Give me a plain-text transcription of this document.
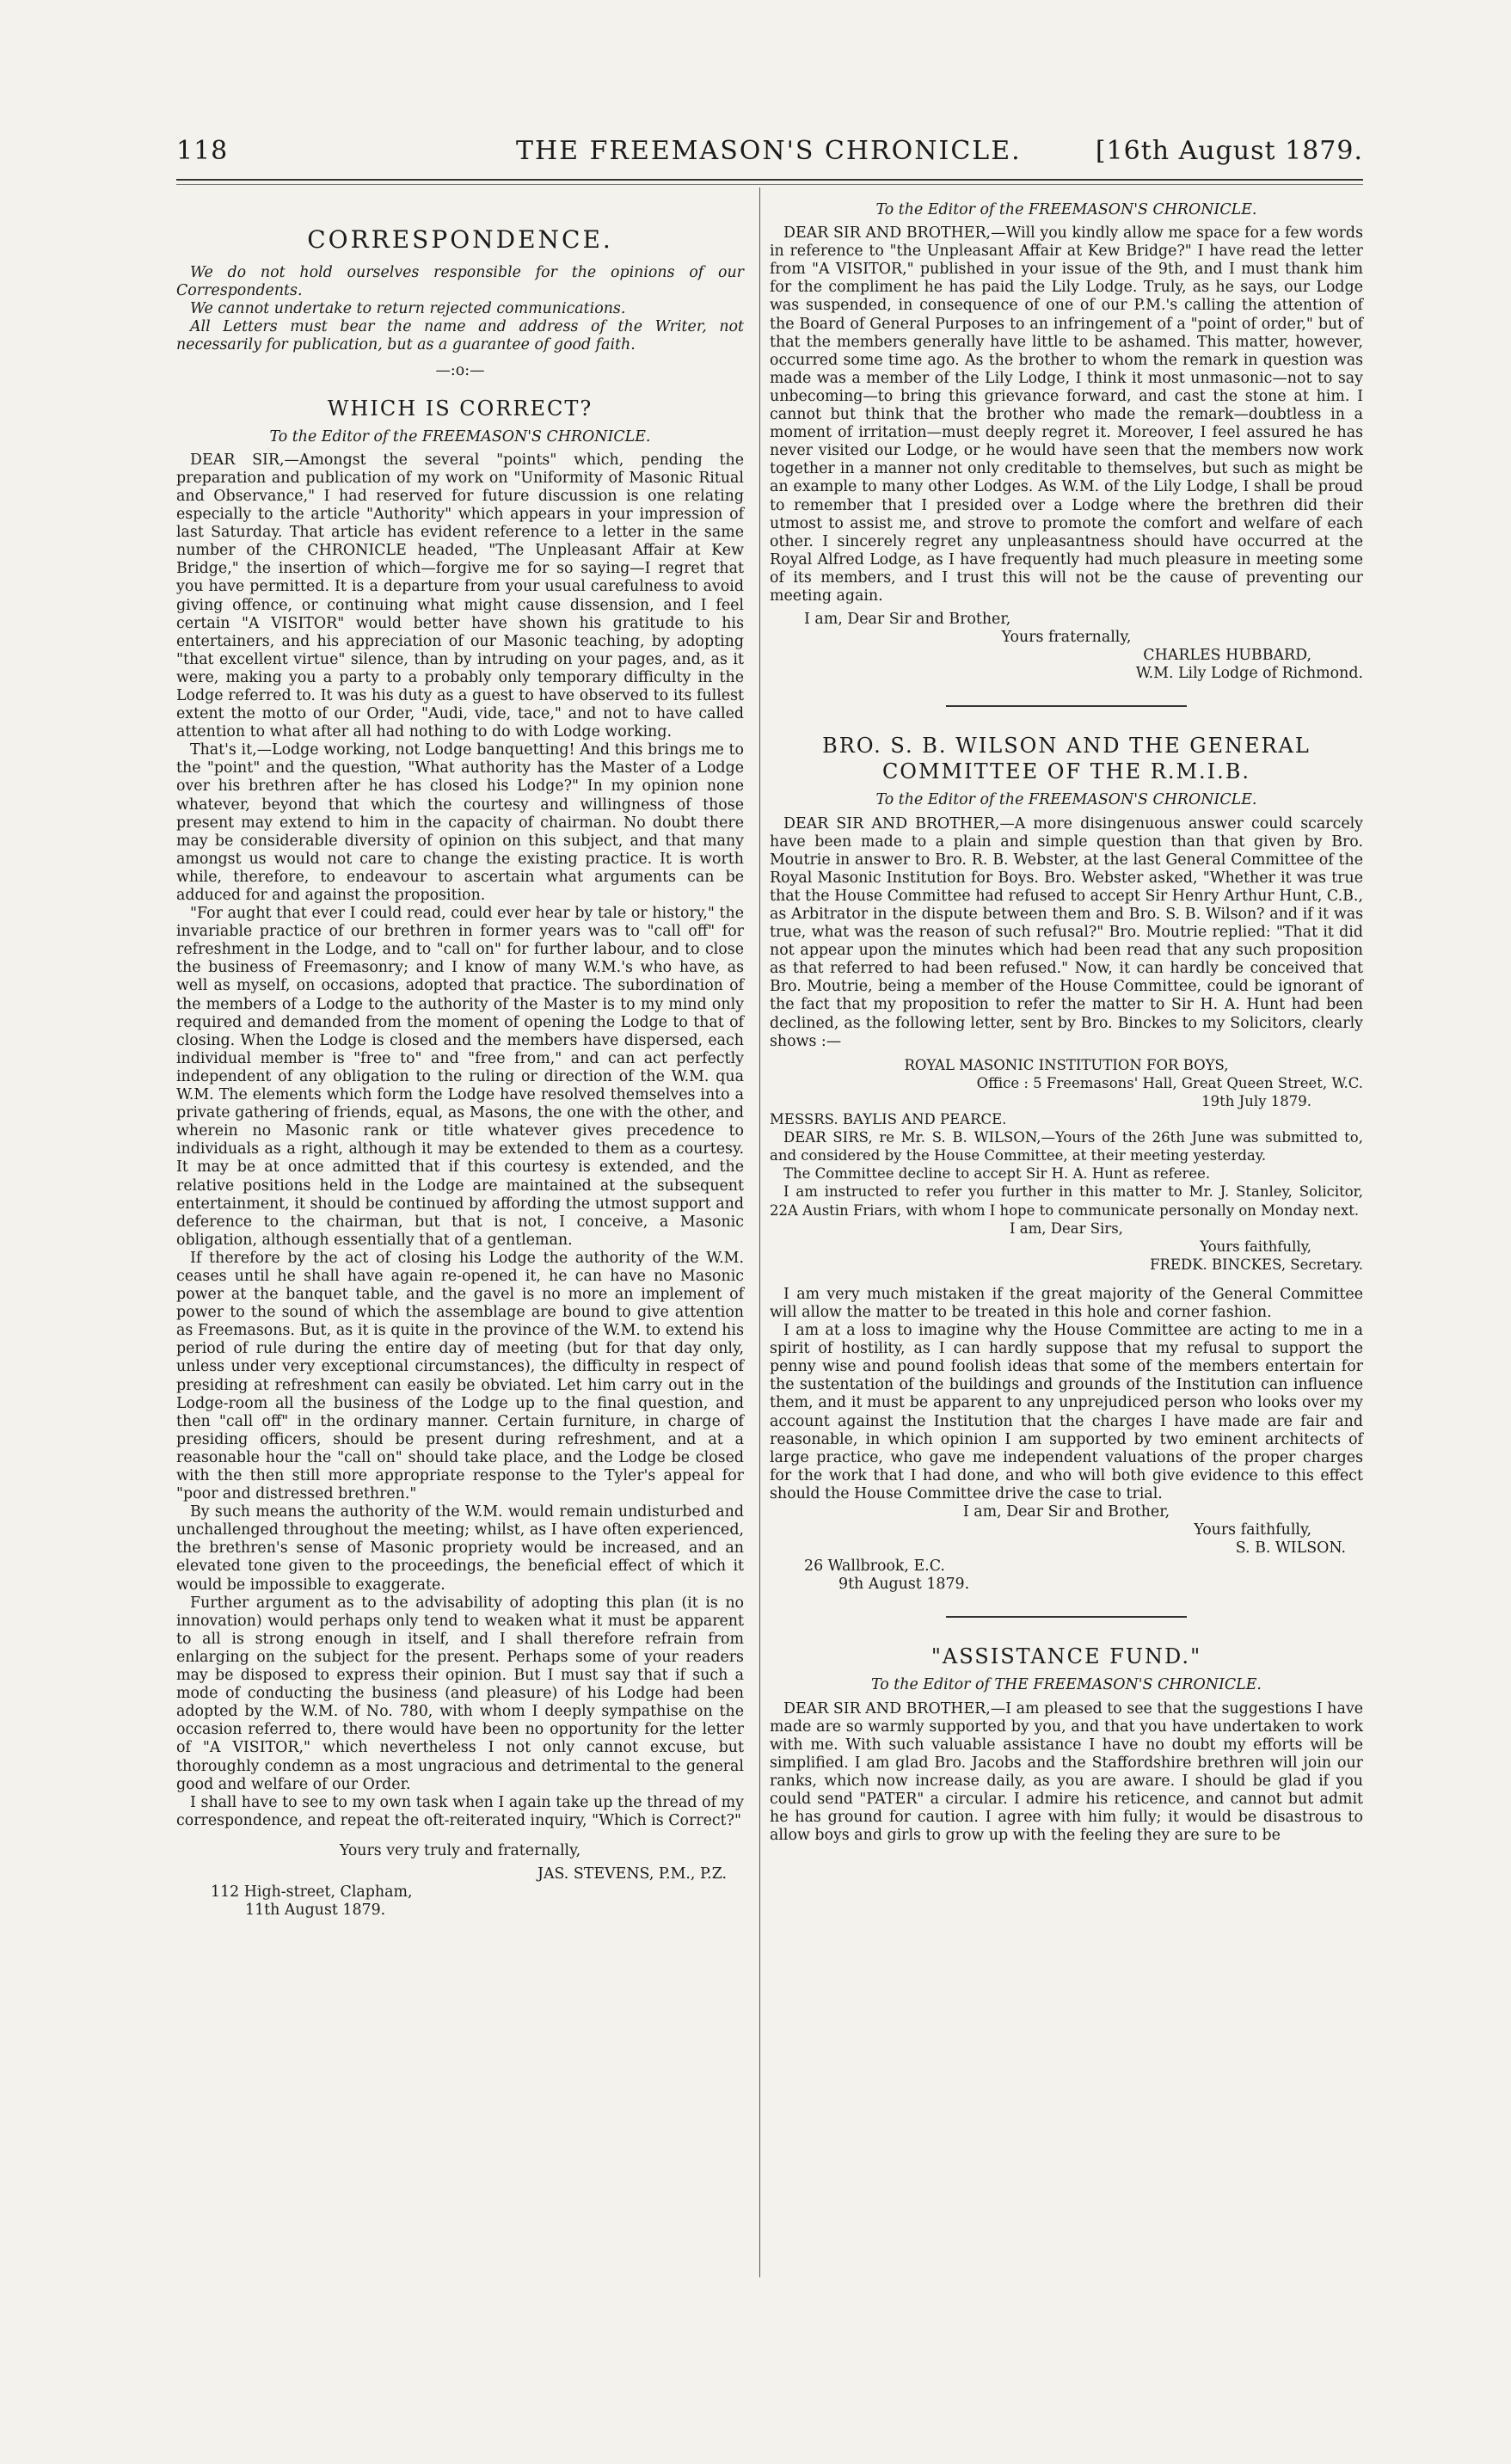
118	THE FREEMASON'S CHRONICLE.	[16th August 1879.
CORRESPONDENCE.

We do not hold ourselves responsible for the opinions of our Correspondents.

We cannot undertake to return rejected communications.

All Letters must bear the name and address of the Writer, not necessarily for publication, but as a guarantee of good faith.

—:o:—
WHICH IS CORRECT?
To the Editor of the FREEMASON'S CHRONICLE.

DEAR SIR,—Amongst the several "points" which, pending the preparation and publication of my work on "Uniformity of Masonic Ritual and Observance," I had reserved for future discussion is one relating especially to the article "Authority" which appears in your impression of last Saturday. That article has evident reference to a letter in the same number of the CHRONICLE headed, "The Unpleasant Affair at Kew Bridge," the insertion of which—forgive me for so saying—I regret that you have permitted. It is a departure from your usual carefulness to avoid giving offence, or continuing what might cause dissension, and I feel certain "A VISITOR" would better have shown his gratitude to his entertainers, and his appreciation of our Masonic teaching, by adopting "that excellent virtue" silence, than by intruding on your pages, and, as it were, making you a party to a probably only temporary difficulty in the Lodge referred to. It was his duty as a guest to have observed to its fullest extent the motto of our Order, "Audi, vide, tace," and not to have called attention to what after all had nothing to do with Lodge working.

That's it,—Lodge working, not Lodge banquetting! And this brings me to the "point" and the question, "What authority has the Master of a Lodge over his brethren after he has closed his Lodge?" In my opinion none whatever, beyond that which the courtesy and willingness of those present may extend to him in the capacity of chairman. No doubt there may be considerable diversity of opinion on this subject, and that many amongst us would not care to change the existing practice. It is worth while, therefore, to endeavour to ascertain what arguments can be adduced for and against the proposition.

"For aught that ever I could read, could ever hear by tale or history," the invariable practice of our brethren in former years was to "call off" for refreshment in the Lodge, and to "call on" for further labour, and to close the business of Freemasonry; and I know of many W.M.'s who have, as well as myself, on occasions, adopted that practice. The subordination of the members of a Lodge to the authority of the Master is to my mind only required and demanded from the moment of opening the Lodge to that of closing. When the Lodge is closed and the members have dispersed, each individual member is "free to" and "free from," and can act perfectly independent of any obligation to the ruling or direction of the W.M. qua W.M. The elements which form the Lodge have resolved themselves into a private gathering of friends, equal, as Masons, the one with the other, and wherein no Masonic rank or title whatever gives precedence to individuals as a right, although it may be extended to them as a courtesy. It may be at once admitted that if this courtesy is extended, and the relative positions held in the Lodge are maintained at the subsequent entertainment, it should be continued by affording the utmost support and deference to the chairman, but that is not, I conceive, a Masonic obligation, although essentially that of a gentleman.

If therefore by the act of closing his Lodge the authority of the W.M. ceases until he shall have again re-opened it, he can have no Masonic power at the banquet table, and the gavel is no more an implement of power to the sound of which the assemblage are bound to give attention as Freemasons. But, as it is quite in the province of the W.M. to extend his period of rule during the entire day of meeting (but for that day only, unless under very exceptional circumstances), the difficulty in respect of presiding at refreshment can easily be obviated. Let him carry out in the Lodge-room all the business of the Lodge up to the final question, and then "call off" in the ordinary manner. Certain furniture, in charge of presiding officers, should be present during refreshment, and at a reasonable hour the "call on" should take place, and the Lodge be closed with the then still more appropriate response to the Tyler's appeal for "poor and distressed brethren."

By such means the authority of the W.M. would remain undisturbed and unchallenged throughout the meeting; whilst, as I have often experienced, the brethren's sense of Masonic propriety would be increased, and an elevated tone given to the proceedings, the beneficial effect of which it would be impossible to exaggerate.

Further argument as to the advisability of adopting this plan (it is no innovation) would perhaps only tend to weaken what it must be apparent to all is strong enough in itself, and I shall therefore refrain from enlarging on the subject for the present. Perhaps some of your readers may be disposed to express their opinion. But I must say that if such a mode of conducting the business (and pleasure) of his Lodge had been adopted by the W.M. of No. 780, with whom I deeply sympathise on the occasion referred to, there would have been no opportunity for the letter of "A VISITOR," which nevertheless I not only cannot excuse, but thoroughly condemn as a most ungracious and detrimental to the general good and welfare of our Order.

I shall have to see to my own task when I again take up the thread of my correspondence, and repeat the oft-reiterated inquiry, "Which is Correct?"

Yours very truly and fraternally,

JAS. STEVENS, P.M., P.Z.

112 High-street, Clapham,

11th August 1879.

To the Editor of the FREEMASON'S CHRONICLE.

DEAR SIR AND BROTHER,—Will you kindly allow me space for a few words in reference to "the Unpleasant Affair at Kew Bridge?" I have read the letter from "A VISITOR," published in your issue of the 9th, and I must thank him for the compliment he has paid the Lily Lodge. Truly, as he says, our Lodge was suspended, in consequence of one of our P.M.'s calling the attention of the Board of General Purposes to an infringement of a "point of order," but of that the members generally have little to be ashamed. This matter, however, occurred some time ago. As the brother to whom the remark in question was made was a member of the Lily Lodge, I think it most unmasonic—not to say unbecoming—to bring this grievance forward, and cast the stone at him. I cannot but think that the brother who made the remark—doubtless in a moment of irritation—must deeply regret it. Moreover, I feel assured he has never visited our Lodge, or he would have seen that the members now work together in a manner not only creditable to themselves, but such as might be an example to many other Lodges. As W.M. of the Lily Lodge, I shall be proud to remember that I presided over a Lodge where the brethren did their utmost to assist me, and strove to promote the comfort and welfare of each other. I sincerely regret any unpleasantness should have occurred at the Royal Alfred Lodge, as I have frequently had much pleasure in meeting some of its members, and I trust this will not be the cause of preventing our meeting again.

I am, Dear Sir and Brother,

Yours fraternally,

CHARLES HUBBARD,

W.M. Lily Lodge of Richmond.

BRO. S. B. WILSON AND THE GENERAL COMMITTEE OF THE R.M.I.B.
To the Editor of the FREEMASON'S CHRONICLE.

DEAR SIR AND BROTHER,—A more disingenuous answer could scarcely have been made to a plain and simple question than that given by Bro. Moutrie in answer to Bro. R. B. Webster, at the last General Committee of the Royal Masonic Institution for Boys. Bro. Webster asked, "Whether it was true that the House Committee had refused to accept Sir Henry Arthur Hunt, C.B., as Arbitrator in the dispute between them and Bro. S. B. Wilson? and if it was true, what was the reason of such refusal?" Bro. Moutrie replied: "That it did not appear upon the minutes which had been read that any such proposition as that referred to had been refused." Now, it can hardly be conceived that Bro. Moutrie, being a member of the House Committee, could be ignorant of the fact that my proposition to refer the matter to Sir H. A. Hunt had been declined, as the following letter, sent by Bro. Binckes to my Solicitors, clearly shows :—

ROYAL MASONIC INSTITUTION FOR BOYS,

Office : 5 Freemasons' Hall, Great Queen Street, W.C.

19th July 1879.

MESSRS. BAYLIS AND PEARCE.

DEAR SIRS, re Mr. S. B. WILSON,—Yours of the 26th June was submitted to, and considered by the House Committee, at their meeting yesterday.

The Committee decline to accept Sir H. A. Hunt as referee.

I am instructed to refer you further in this matter to Mr. J. Stanley, Solicitor, 22A Austin Friars, with whom I hope to communicate personally on Monday next.

I am, Dear Sirs,

Yours faithfully,

FREDK. BINCKES, Secretary.

I am very much mistaken if the great majority of the General Committee will allow the matter to be treated in this hole and corner fashion.

I am at a loss to imagine why the House Committee are acting to me in a spirit of hostility, as I can hardly suppose that my refusal to support the penny wise and pound foolish ideas that some of the members entertain for the sustentation of the buildings and grounds of the Institution can influence them, and it must be apparent to any unprejudiced person who looks over my account against the Institution that the charges I have made are fair and reasonable, in which opinion I am supported by two eminent architects of large practice, who gave me independent valuations of the proper charges for the work that I had done, and who will both give evidence to this effect should the House Committee drive the case to trial.

I am, Dear Sir and Brother,

Yours faithfully,

S. B. WILSON.

26 Wallbrook, E.C.

9th August 1879.

"ASSISTANCE FUND."
To the Editor of THE FREEMASON'S CHRONICLE.

DEAR SIR AND BROTHER,—I am pleased to see that the suggestions I have made are so warmly supported by you, and that you have undertaken to work with me. With such valuable assistance I have no doubt my efforts will be simplified. I am glad Bro. Jacobs and the Staffordshire brethren will join our ranks, which now increase daily, as you are aware. I should be glad if you could send "PATER" a circular. I admire his reticence, and cannot but admit he has ground for caution. I agree with him fully; it would be disastrous to allow boys and girls to grow up with the feeling they are sure to be
